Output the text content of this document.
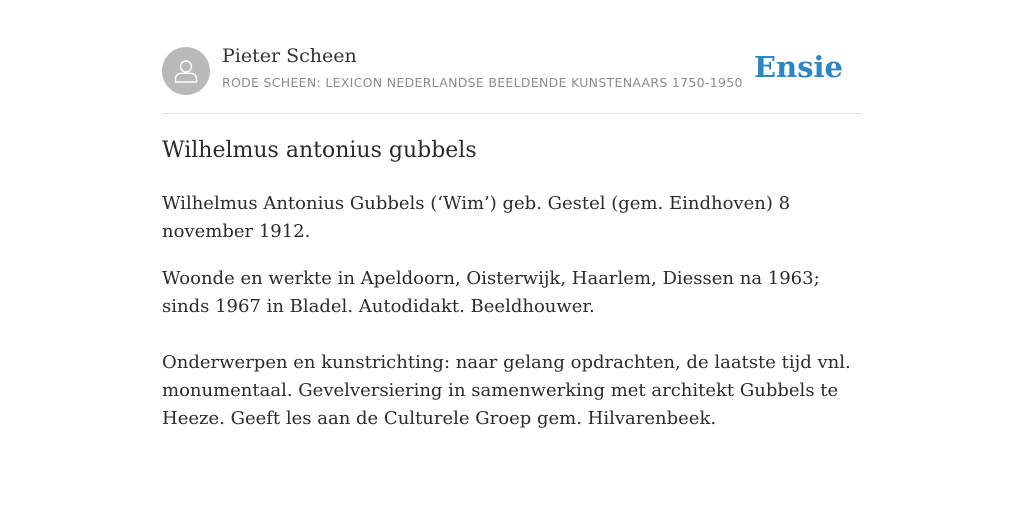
Pieter Scheen
RODE SCHEEN: LEXICON NEDERLANDSE BEELDENDE KUNSTENAARS 1750-1950 Ensie
Wilhelmus antonius gubbels

Wilhelmus Antonius Gubbels (‘Wim’) geb. Gestel (gem. Eindhoven) 8 november 1912.

Woonde en werkte in Apeldoorn, Oisterwijk, Haarlem, Diessen na 1963; sinds 1967 in Bladel. Autodidakt. Beeldhouwer.

Onderwerpen en kunstrichting: naar gelang opdrachten, de laatste tijd vnl. monumentaal. Gevelversiering in samenwerking met architekt Gubbels te Heeze. Geeft les aan de Culturele Groep gem. Hilvarenbeek.
